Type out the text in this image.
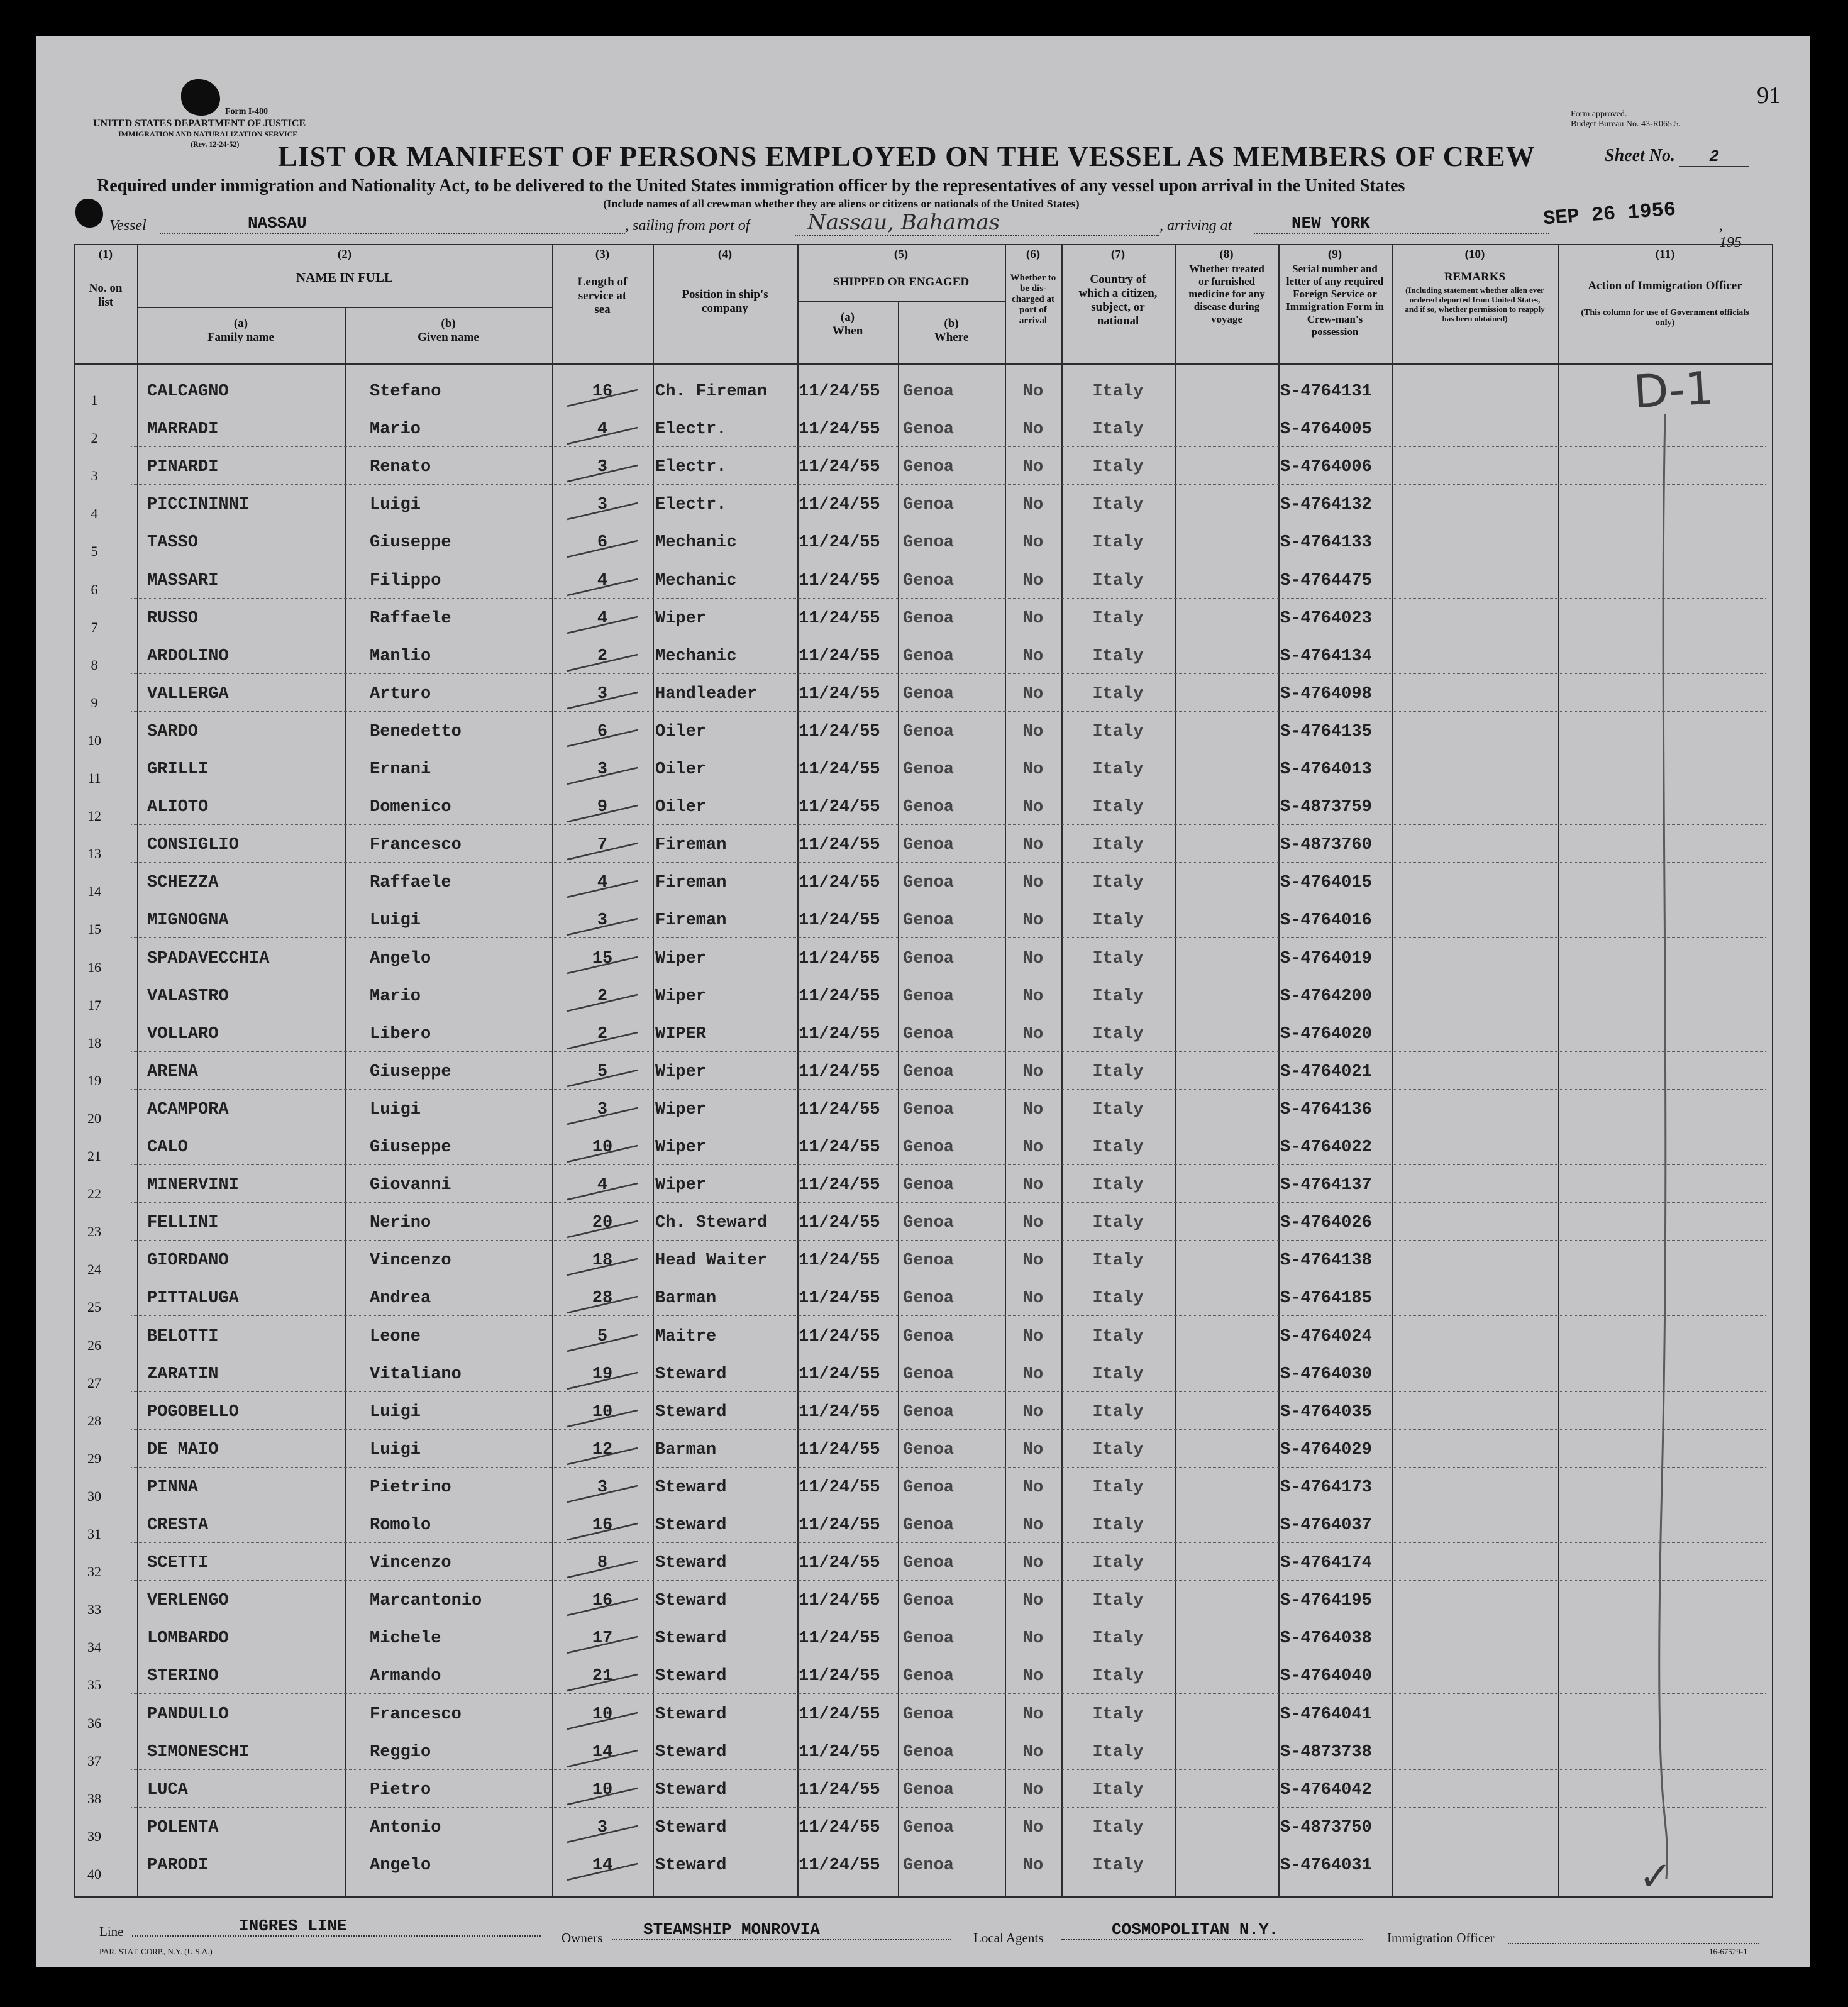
91
Form I-480
UNITED STATES DEPARTMENT OF JUSTICE
IMMIGRATION AND NATURALIZATION SERVICE
(Rev. 12-24-52)
Form approved.
Budget Bureau No. 43-R065.5.
LIST OR MANIFEST OF PERSONS EMPLOYED ON THE VESSEL AS MEMBERS OF CREW	Sheet No. 2
Required under immigration and Nationality Act, to be delivered to the United States immigration officer by the representatives of any vessel upon arrival in the United States
(Include names of all crewman whether they are aliens or citizens or nationals of the United States)
Vessel	NASSAU	, sailing from port of	Nassau, Bahamas	, arriving at	NEW YORK	SEP 26 1956	, 195
(1)
No. on list
(2)
NAME IN FULL
(a)
Family name
(b)
Given name
(3)
Length of service at sea
(4)
Position in ship's company
(5)
SHIPPED OR ENGAGED
(a)
When
(b)
Where
(6)
Whether to be dis-charged at port of arrival
(7)
Country of which a citizen, subject, or national
(8)
Whether treated or furnished medicine for any disease during voyage
(9)
Serial number and letter of any required Foreign Service or Immigration Form in Crew-man's possession
(10)
REMARKS
(Including statement whether alien ever ordered deported from United States, and if so, whether permission to reapply has been obtained)
(11)
Action of Immigration Officer
(This column for use of Government officials only)
1	CALCAGNO	Stefano	16	Ch. Fireman	11/24/55	Genoa	No	Italy	S-4764131
2	MARRADI	Mario	4	Electr.	11/24/55	Genoa	No	Italy	S-4764005
3	PINARDI	Renato	3	Electr.	11/24/55	Genoa	No	Italy	S-4764006
4	PICCININNI	Luigi	3	Electr.	11/24/55	Genoa	No	Italy	S-4764132
5	TASSO	Giuseppe	6	Mechanic	11/24/55	Genoa	No	Italy	S-4764133
6	MASSARI	Filippo	4	Mechanic	11/24/55	Genoa	No	Italy	S-4764475
7	RUSSO	Raffaele	4	Wiper	11/24/55	Genoa	No	Italy	S-4764023
8	ARDOLINO	Manlio	2	Mechanic	11/24/55	Genoa	No	Italy	S-4764134
9	VALLERGA	Arturo	3	Handleader	11/24/55	Genoa	No	Italy	S-4764098
10	SARDO	Benedetto	6	Oiler	11/24/55	Genoa	No	Italy	S-4764135
11	GRILLI	Ernani	3	Oiler	11/24/55	Genoa	No	Italy	S-4764013
12	ALIOTO	Domenico	9	Oiler	11/24/55	Genoa	No	Italy	S-4873759
13	CONSIGLIO	Francesco	7	Fireman	11/24/55	Genoa	No	Italy	S-4873760
14	SCHEZZA	Raffaele	4	Fireman	11/24/55	Genoa	No	Italy	S-4764015
15	MIGNOGNA	Luigi	3	Fireman	11/24/55	Genoa	No	Italy	S-4764016
16	SPADAVECCHIA	Angelo	15	Wiper	11/24/55	Genoa	No	Italy	S-4764019
17	VALASTRO	Mario	2	Wiper	11/24/55	Genoa	No	Italy	S-4764200
18	VOLLARO	Libero	2	WIPER	11/24/55	Genoa	No	Italy	S-4764020
19	ARENA	Giuseppe	5	Wiper	11/24/55	Genoa	No	Italy	S-4764021
20	ACAMPORA	Luigi	3	Wiper	11/24/55	Genoa	No	Italy	S-4764136
21	CALO	Giuseppe	10	Wiper	11/24/55	Genoa	No	Italy	S-4764022
22	MINERVINI	Giovanni	4	Wiper	11/24/55	Genoa	No	Italy	S-4764137
23	FELLINI	Nerino	20	Ch. Steward	11/24/55	Genoa	No	Italy	S-4764026
24	GIORDANO	Vincenzo	18	Head Waiter	11/24/55	Genoa	No	Italy	S-4764138
25	PITTALUGA	Andrea	28	Barman	11/24/55	Genoa	No	Italy	S-4764185
26	BELOTTI	Leone	5	Maitre	11/24/55	Genoa	No	Italy	S-4764024
27	ZARATIN	Vitaliano	19	Steward	11/24/55	Genoa	No	Italy	S-4764030
28	POGOBELLO	Luigi	10	Steward	11/24/55	Genoa	No	Italy	S-4764035
29	DE MAIO	Luigi	12	Barman	11/24/55	Genoa	No	Italy	S-4764029
30	PINNA	Pietrino	3	Steward	11/24/55	Genoa	No	Italy	S-4764173
31	CRESTA	Romolo	16	Steward	11/24/55	Genoa	No	Italy	S-4764037
32	SCETTI	Vincenzo	8	Steward	11/24/55	Genoa	No	Italy	S-4764174
33	VERLENGO	Marcantonio	16	Steward	11/24/55	Genoa	No	Italy	S-4764195
34	LOMBARDO	Michele	17	Steward	11/24/55	Genoa	No	Italy	S-4764038
35	STERINO	Armando	21	Steward	11/24/55	Genoa	No	Italy	S-4764040
36	PANDULLO	Francesco	10	Steward	11/24/55	Genoa	No	Italy	S-4764041
37	SIMONESCHI	Reggio	14	Steward	11/24/55	Genoa	No	Italy	S-4873738
38	LUCA	Pietro	10	Steward	11/24/55	Genoa	No	Italy	S-4764042
39	POLENTA	Antonio	3	Steward	11/24/55	Genoa	No	Italy	S-4873750
40	PARODI	Angelo	14	Steward	11/24/55	Genoa	No	Italy	S-4764031
D-1
✓
Line	INGRES LINE
Owners	STEAMSHIP MONROVIA	Local Agents	COSMOPOLITAN N.Y.	Immigration Officer
PAR. STAT. CORP., N.Y. (U.S.A.)	16-67529-1
